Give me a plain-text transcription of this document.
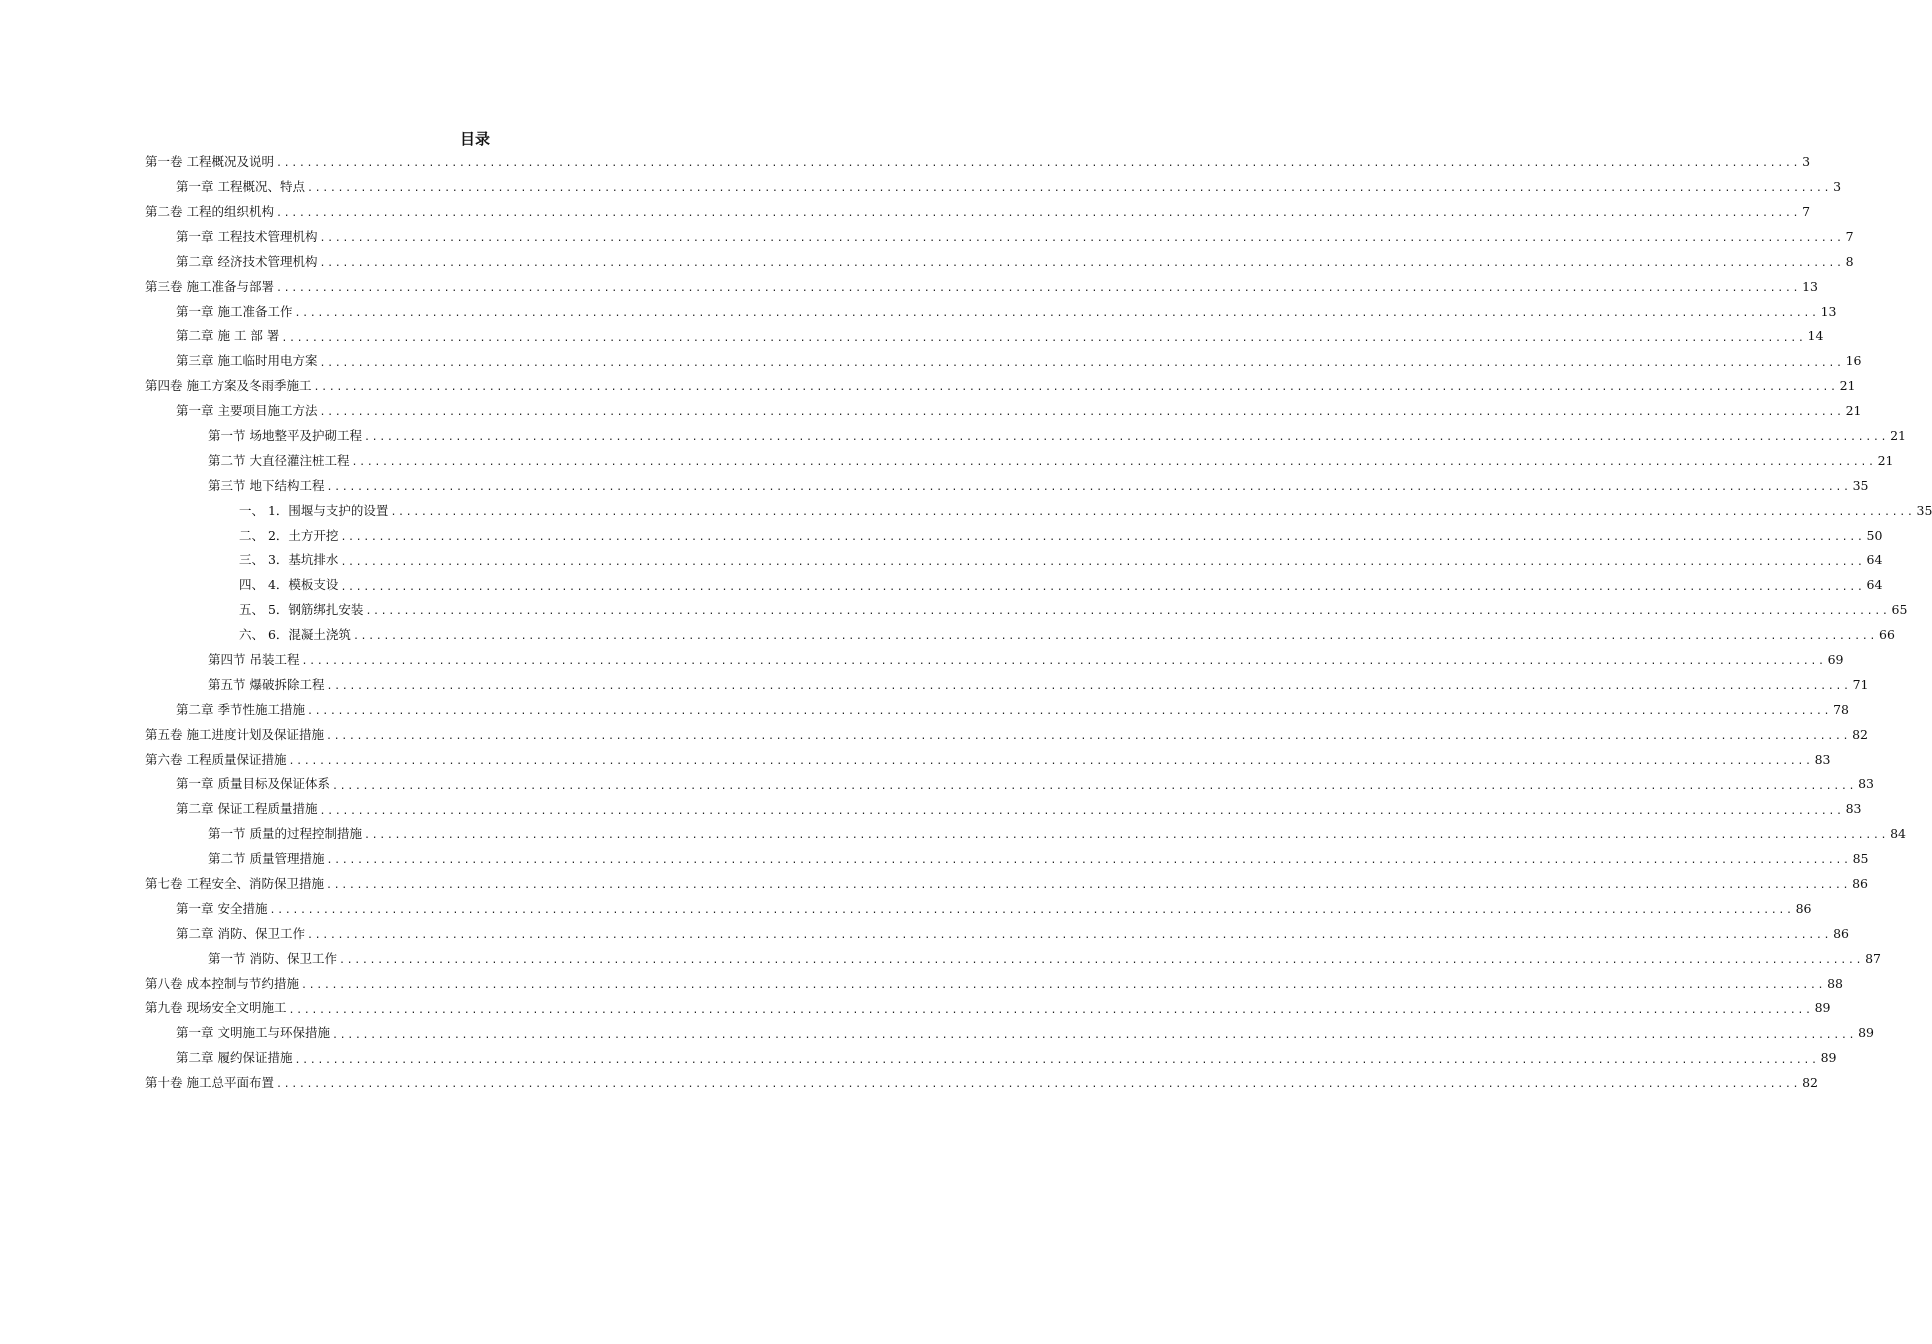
目录
第一卷 工程概况及说明 ........................................................................................................................................................................................................ 3
第一章 工程概况、特点 ........................................................................................................................................................................................................ 3
第二卷 工程的组织机构 ........................................................................................................................................................................................................ 7
第一章 工程技术管理机构 ........................................................................................................................................................................................................ 7
第二章 经济技术管理机构 ........................................................................................................................................................................................................ 8
第三卷 施工准备与部署 ........................................................................................................................................................................................................ 13
第一章 施工准备工作 ........................................................................................................................................................................................................ 13
第二章 施 工 部 署 ........................................................................................................................................................................................................ 14
第三章 施工临时用电方案 ........................................................................................................................................................................................................ 16
第四卷 施工方案及冬雨季施工 ........................................................................................................................................................................................................ 21
第一章 主要项目施工方法 ........................................................................................................................................................................................................ 21
第一节 场地整平及护砌工程 ........................................................................................................................................................................................................ 21
第二节 大直径灌注桩工程 ........................................................................................................................................................................................................ 21
第三节 地下结构工程 ........................................................................................................................................................................................................ 35
一、 1．围堰与支护的设置 ........................................................................................................................................................................................................ 35
二、 2．土方开挖 ........................................................................................................................................................................................................ 50
三、 3．基坑排水 ........................................................................................................................................................................................................ 64
四、 4．模板支设 ........................................................................................................................................................................................................ 64
五、 5．钢筋绑扎安装 ........................................................................................................................................................................................................ 65
六、 6．混凝土浇筑 ........................................................................................................................................................................................................ 66
第四节 吊装工程 ........................................................................................................................................................................................................ 69
第五节 爆破拆除工程 ........................................................................................................................................................................................................ 71
第二章 季节性施工措施 ........................................................................................................................................................................................................ 78
第五卷 施工进度计划及保证措施 ........................................................................................................................................................................................................ 82
第六卷 工程质量保证措施 ........................................................................................................................................................................................................ 83
第一章 质量目标及保证体系 ........................................................................................................................................................................................................ 83
第二章 保证工程质量措施 ........................................................................................................................................................................................................ 83
第一节 质量的过程控制措施 ........................................................................................................................................................................................................ 84
第二节 质量管理措施 ........................................................................................................................................................................................................ 85
第七卷 工程安全、消防保卫措施 ........................................................................................................................................................................................................ 86
第一章 安全措施 ........................................................................................................................................................................................................ 86
第二章 消防、保卫工作 ........................................................................................................................................................................................................ 86
第一节 消防、保卫工作 ........................................................................................................................................................................................................ 87
第八卷 成本控制与节约措施 ........................................................................................................................................................................................................ 88
第九卷 现场安全文明施工 ........................................................................................................................................................................................................ 89
第一章 文明施工与环保措施 ........................................................................................................................................................................................................ 89
第二章 履约保证措施 ........................................................................................................................................................................................................ 89
第十卷 施工总平面布置 ........................................................................................................................................................................................................ 82
